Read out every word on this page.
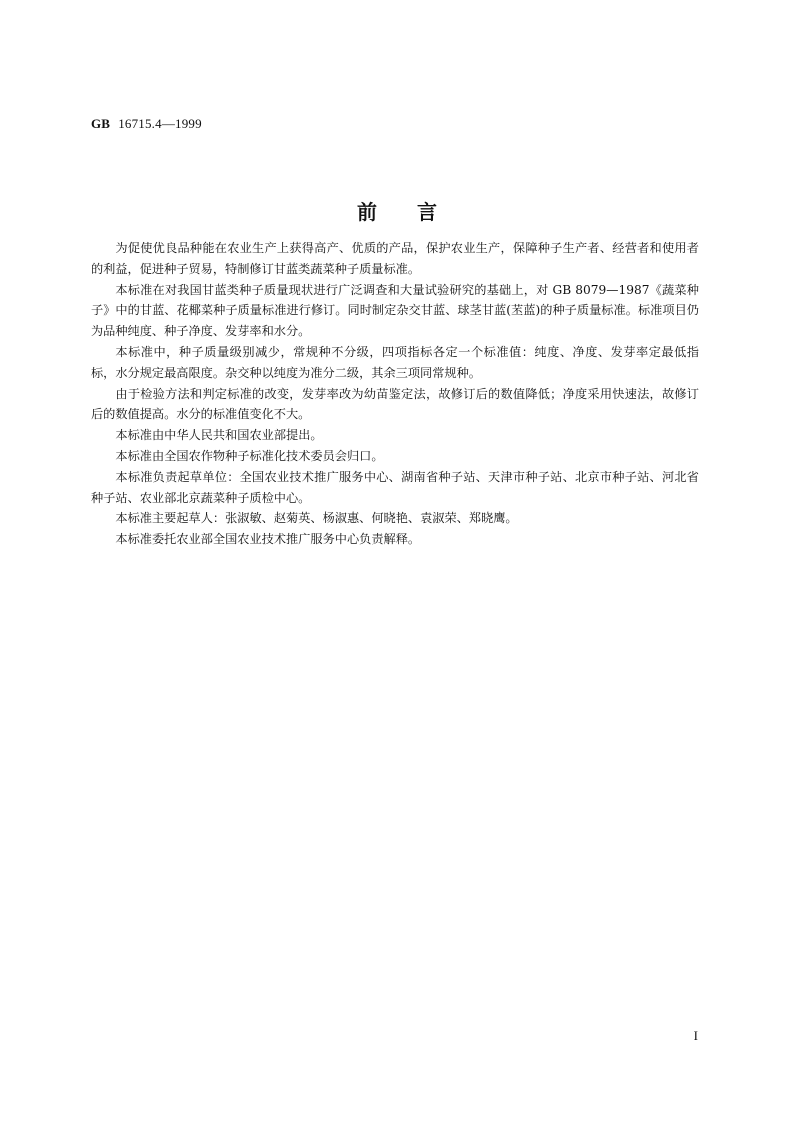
GB 16715.4—1999
前言

为促使优良品种能在农业生产上获得高产、优质的产品，保护农业生产，保障种子生产者、经营者和使用者的利益，促进种子贸易，特制修订甘蓝类蔬菜种子质量标准。

本标准在对我国甘蓝类种子质量现状进行广泛调查和大量试验研究的基础上，对 GB 8079—1987《蔬菜种子》中的甘蓝、花椰菜种子质量标准进行修订。同时制定杂交甘蓝、球茎甘蓝(苤蓝)的种子质量标准。标准项目仍为品种纯度、种子净度、发芽率和水分。

本标准中，种子质量级别减少，常规种不分级，四项指标各定一个标准值：纯度、净度、发芽率定最低指标，水分规定最高限度。杂交种以纯度为准分二级，其余三项同常规种。

由于检验方法和判定标准的改变，发芽率改为幼苗鉴定法，故修订后的数值降低；净度采用快速法，故修订后的数值提高。水分的标准值变化不大。

本标准由中华人民共和国农业部提出。

本标准由全国农作物种子标准化技术委员会归口。

本标准负责起草单位：全国农业技术推广服务中心、湖南省种子站、天津市种子站、北京市种子站、河北省种子站、农业部北京蔬菜种子质检中心。

本标准主要起草人：张淑敏、赵菊英、杨淑惠、何晓艳、袁淑荣、郑晓鹰。

本标准委托农业部全国农业技术推广服务中心负责解释。

I
